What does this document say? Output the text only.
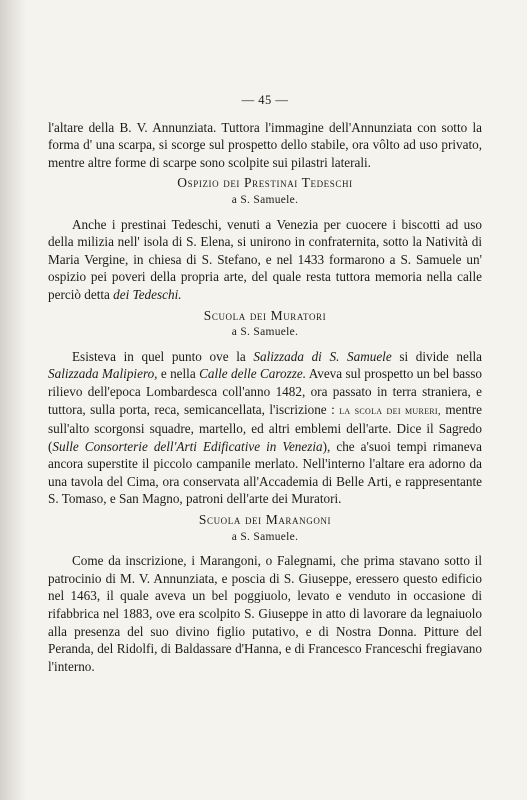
— 45 —

l'altare della B. V. Annunziata. Tuttora l'immagine dell'Annunziata con sotto la forma d' una scarpa, si scorge sul prospetto dello stabile, ora vôlto ad uso privato, mentre altre forme di scarpe sono scolpite sui pilastri laterali.

Ospizio dei Prestinai Tedeschi
a S. Samuele.

Anche i prestinai Tedeschi, venuti a Venezia per cuocere i biscotti ad uso della milizia nell' isola di S. Elena, si unirono in confraternita, sotto la Natività di Maria Vergine, in chiesa di S. Stefano, e nel 1433 formarono a S. Samuele un' ospizio pei poveri della propria arte, del quale resta tuttora memoria nella calle perciò detta dei Tedeschi.

Scuola dei Muratori
a S. Samuele.

Esisteva in quel punto ove la Salizzada di S. Samuele si divide nella Salizzada Malipiero, e nella Calle delle Carozze. Aveva sul prospetto un bel basso rilievo dell'epoca Lombardesca coll'anno 1482, ora passato in terra straniera, e tuttora, sulla porta, reca, semicancellata, l'iscrizione : la scola dei mureri, mentre sull'alto scorgonsi squadre, martello, ed altri emblemi dell'arte. Dice il Sagredo (Sulle Consorterie dell'Arti Edificative in Venezia), che a'suoi tempi rimaneva ancora superstite il piccolo campanile merlato. Nell'interno l'altare era adorno da una tavola del Cima, ora conservata all'Accademia di Belle Arti, e rappresentante S. Tomaso, e San Magno, patroni dell'arte dei Muratori.

Scuola dei Marangoni
a S. Samuele.

Come da inscrizione, i Marangoni, o Falegnami, che prima stavano sotto il patrocinio di M. V. Annunziata, e poscia di S. Giuseppe, eressero questo edificio nel 1463, il quale aveva un bel poggiuolo, levato e venduto in occasione di rifabbrica nel 1883, ove era scolpito S. Giuseppe in atto di lavorare da legnaiuolo alla presenza del suo divino figlio putativo, e di Nostra Donna. Pitture del Peranda, del Ridolfi, di Baldassare d'Hanna, e di Francesco Franceschi fregiavano l'interno.
